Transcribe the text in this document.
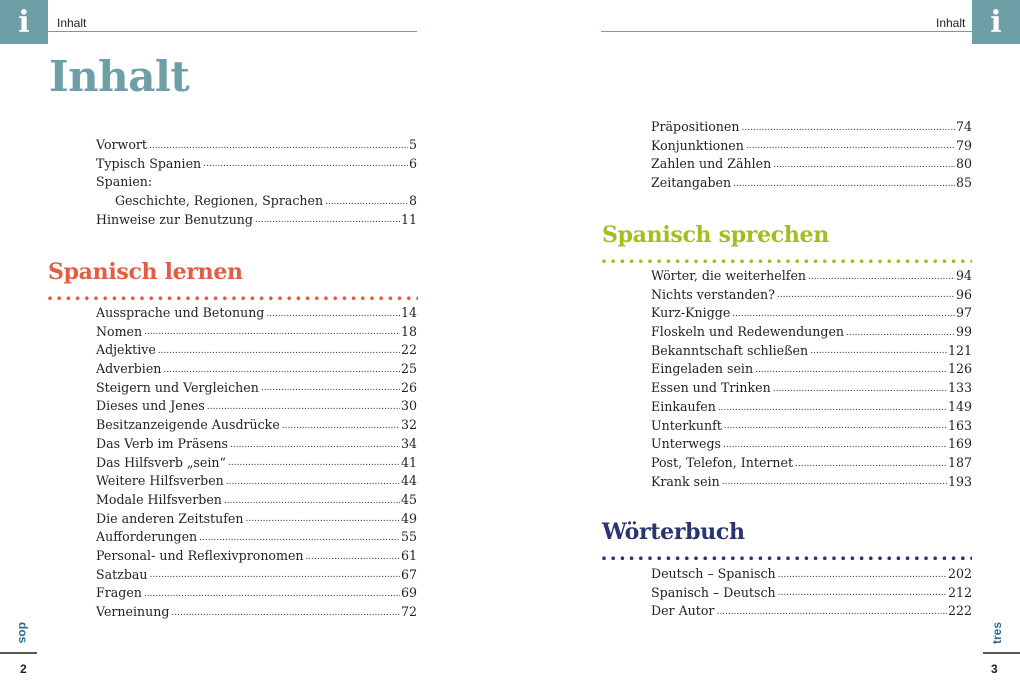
i	Inhalt
Inhalt
Vorwort .....	5
Typisch Spanien .....	6
Spanien:
Geschichte, Regionen, Sprachen .....	8
Hinweise zur Benutzung .....	11
Spanisch lernen
Aussprache und Betonung .....	14
Nomen .....	18
Adjektive .....	22
Adverbien .....	25
Steigern und Vergleichen .....	26
Dieses und Jenes .....	30
Besitzanzeigende Ausdrücke .....	32
Das Verb im Präsens .....	34
Das Hilfsverb „sein“ .....	41
Weitere Hilfsverben .....	44
Modale Hilfsverben .....	45
Die anderen Zeitstufen .....	49
Aufforderungen .....	55
Personal- und Reflexivpronomen .....	61
Satzbau .....	67
Fragen .....	69
Verneinung .....	72
dos
2
i
Inhalt
Präpositionen .....	74
Konjunktionen .....	79
Zahlen und Zählen .....	80
Zeitangaben .....	85
Spanisch sprechen
Wörter, die weiterhelfen .....	94
Nichts verstanden? .....	96
Kurz-Knigge .....	97
Floskeln und Redewendungen .....	99
Bekanntschaft schließen .....	121
Eingeladen sein .....	126
Essen und Trinken .....	133
Einkaufen .....	149
Unterkunft .....	163
Unterwegs .....	169
Post, Telefon, Internet .....	187
Krank sein .....	193
Wörterbuch
Deutsch – Spanisch .....	202
Spanisch – Deutsch .....	212
Der Autor .....	222
tres
3
